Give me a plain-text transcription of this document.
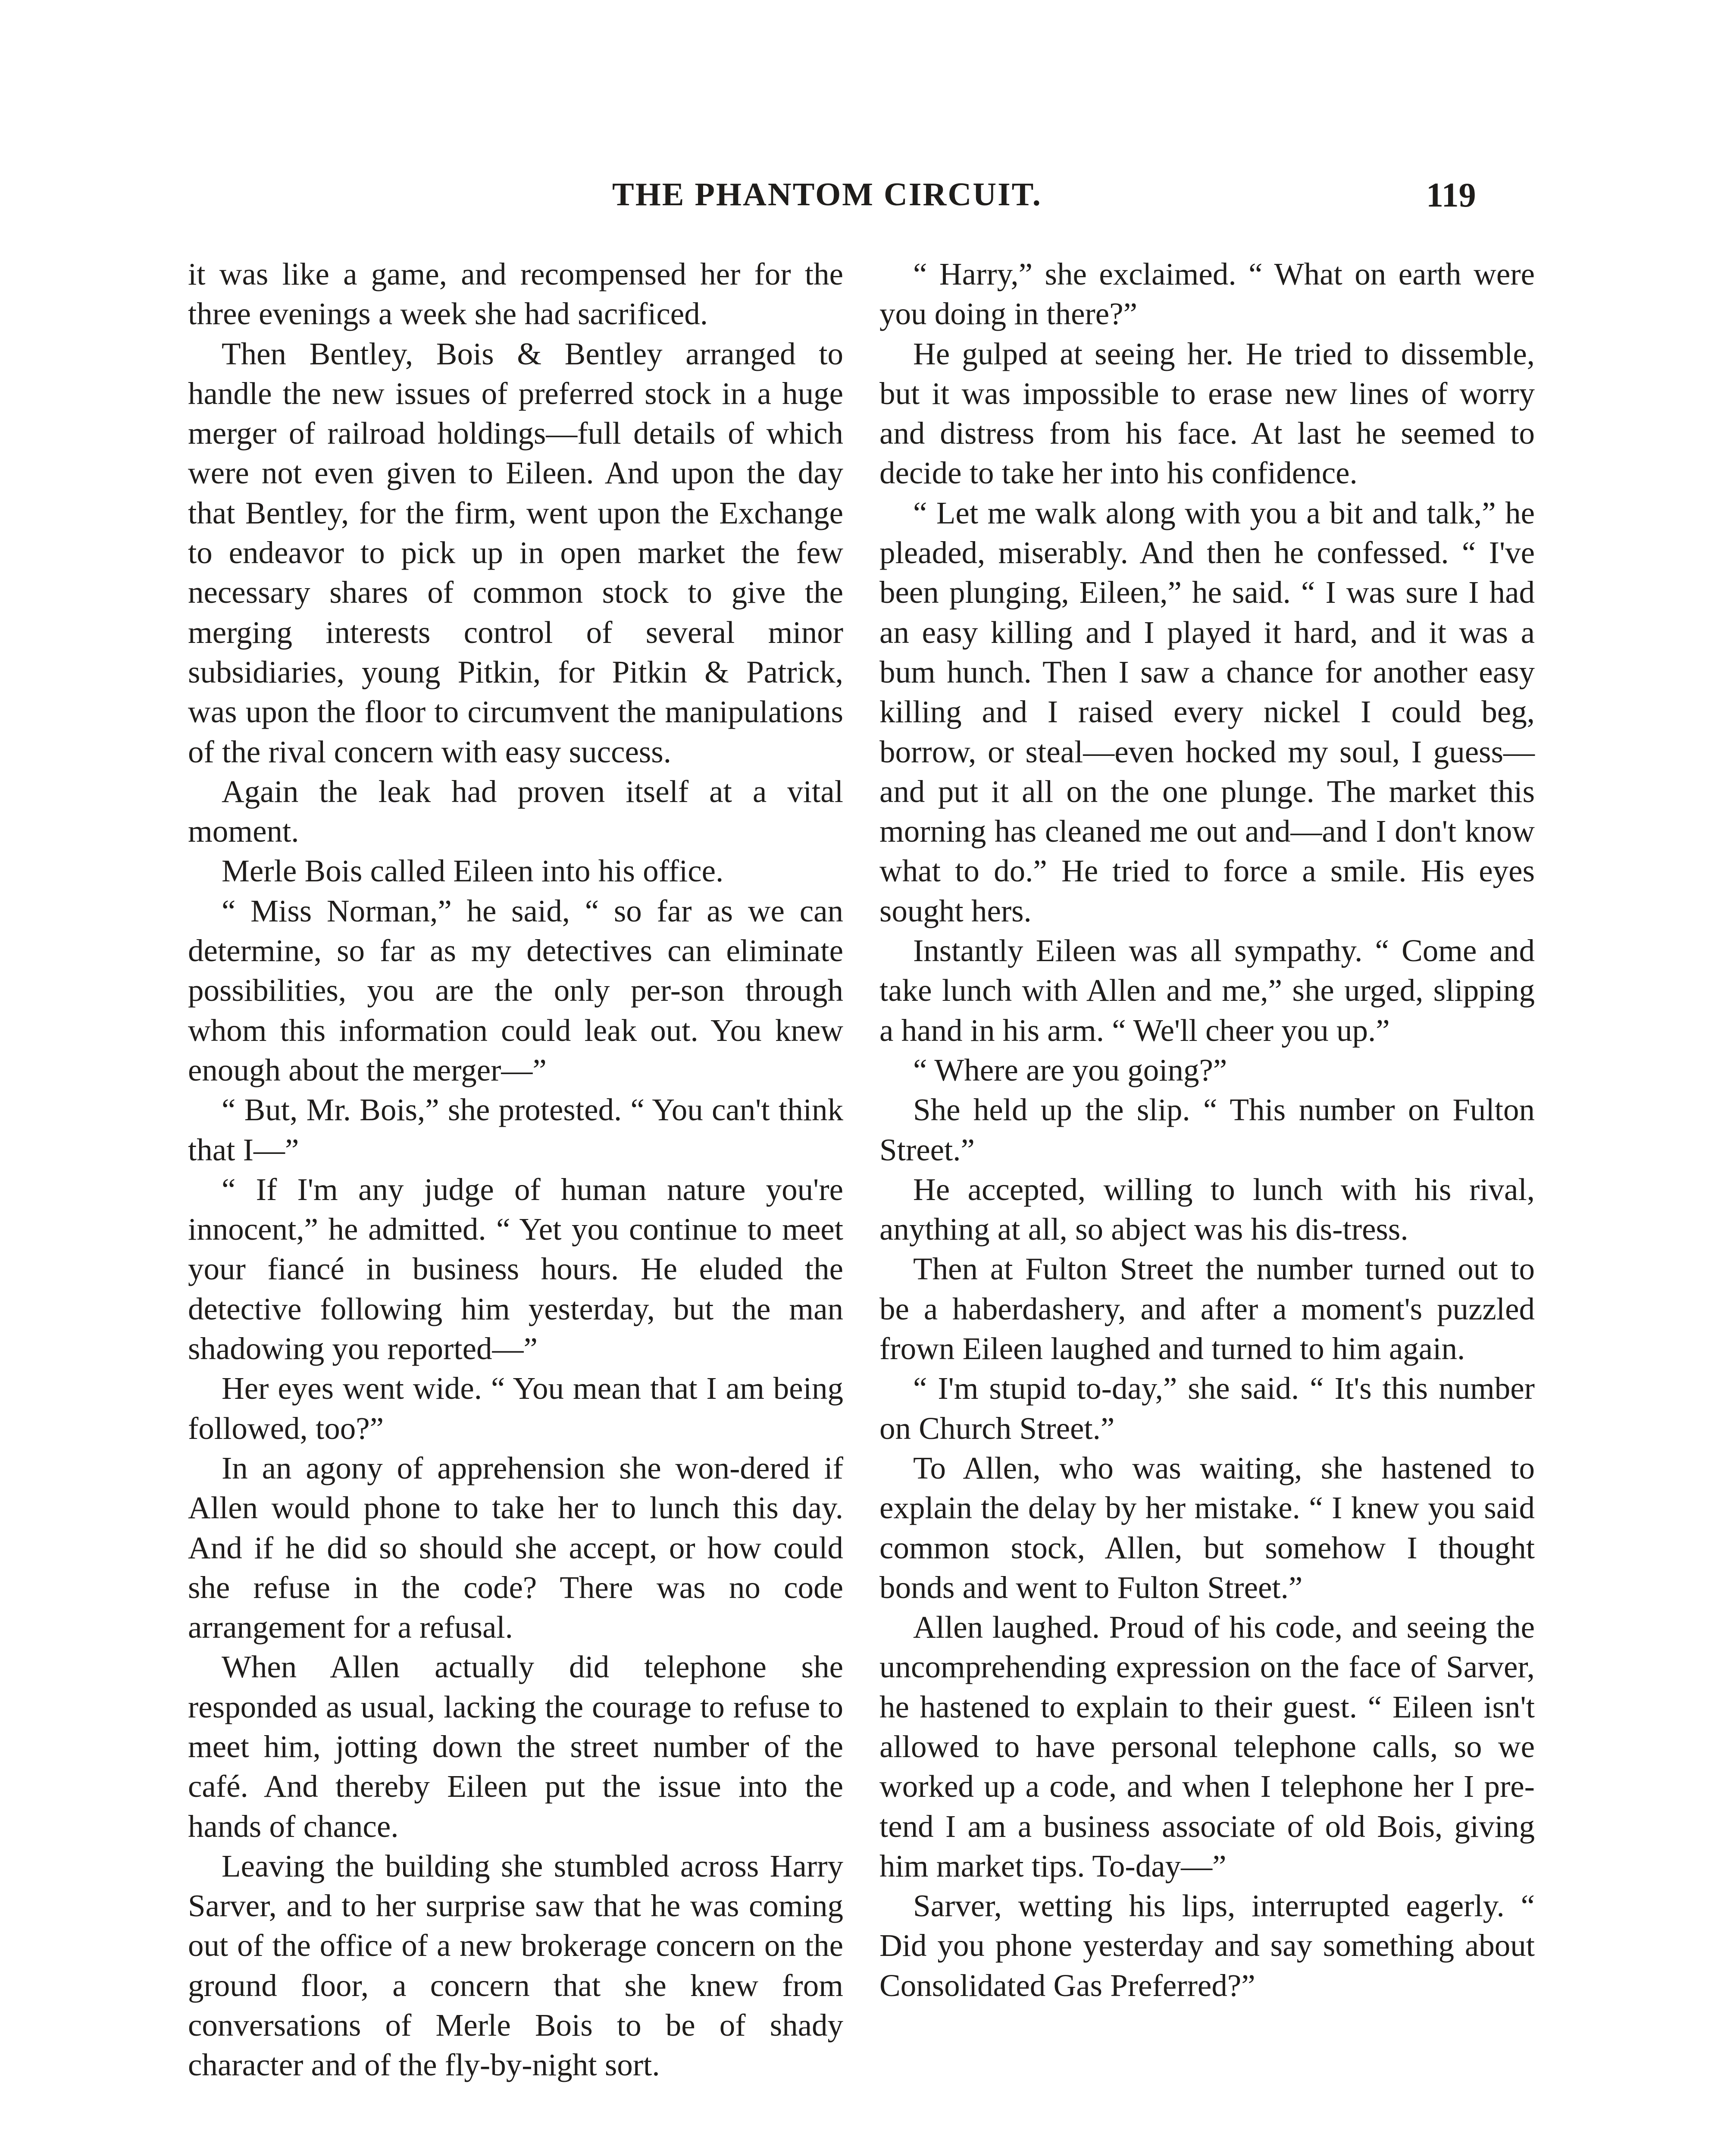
THE PHANTOM CIRCUIT.	119

it was like a game, and recompensed her for the three evenings a week she had sacrificed.

Then Bentley, Bois & Bentley arranged to handle the new issues of preferred stock in a huge merger of railroad holdings—full details of which were not even given to Eileen. And upon the day that Bentley, for the firm, went upon the Exchange to endeavor to pick up in open market the few necessary shares of common stock to give the merging interests control of several minor subsidiaries, young Pitkin, for Pitkin & Patrick, was upon the floor to circumvent the manipulations of the rival concern with easy success.

Again the leak had proven itself at a vital moment.

Merle Bois called Eileen into his office.

“ Miss Norman,” he said, “ so far as we can determine, so far as my detectives can eliminate possibilities, you are the only per-son through whom this information could leak out. You knew enough about the merger—”

“ But, Mr. Bois,” she protested. “ You can't think that I—”

“ If I'm any judge of human nature you're innocent,” he admitted. “ Yet you continue to meet your fiancé in business hours. He eluded the detective following him yesterday, but the man shadowing you reported—”

Her eyes went wide. “ You mean that I am being followed, too?”

In an agony of apprehension she won-dered if Allen would phone to take her to lunch this day. And if he did so should she accept, or how could she refuse in the code? There was no code arrangement for a refusal.

When Allen actually did telephone she responded as usual, lacking the courage to refuse to meet him, jotting down the street number of the café. And thereby Eileen put the issue into the hands of chance.

Leaving the building she stumbled across Harry Sarver, and to her surprise saw that he was coming out of the office of a new brokerage concern on the ground floor, a concern that she knew from conversations of Merle Bois to be of shady character and of the fly-by-night sort.

“ Harry,” she exclaimed. “ What on earth were you doing in there?”

He gulped at seeing her. He tried to dissemble, but it was impossible to erase new lines of worry and distress from his face. At last he seemed to decide to take her into his confidence.

“ Let me walk along with you a bit and talk,” he pleaded, miserably. And then he confessed. “ I've been plunging, Eileen,” he said. “ I was sure I had an easy killing and I played it hard, and it was a bum hunch. Then I saw a chance for another easy killing and I raised every nickel I could beg, borrow, or steal—even hocked my soul, I guess—and put it all on the one plunge. The market this morning has cleaned me out and—and I don't know what to do.” He tried to force a smile. His eyes sought hers.

Instantly Eileen was all sympathy. “ Come and take lunch with Allen and me,” she urged, slipping a hand in his arm. “ We'll cheer you up.”

“ Where are you going?”

She held up the slip. “ This number on Fulton Street.”

He accepted, willing to lunch with his rival, anything at all, so abject was his dis-tress.

Then at Fulton Street the number turned out to be a haberdashery, and after a moment's puzzled frown Eileen laughed and turned to him again.

“ I'm stupid to-day,” she said. “ It's this number on Church Street.”

To Allen, who was waiting, she hastened to explain the delay by her mistake. “ I knew you said common stock, Allen, but somehow I thought bonds and went to Fulton Street.”

Allen laughed. Proud of his code, and seeing the uncomprehending expression on the face of Sarver, he hastened to explain to their guest. “ Eileen isn't allowed to have personal telephone calls, so we worked up a code, and when I telephone her I pre-tend I am a business associate of old Bois, giving him market tips. To-day—”

Sarver, wetting his lips, interrupted eagerly. “ Did you phone yesterday and say something about Consolidated Gas Preferred?”
